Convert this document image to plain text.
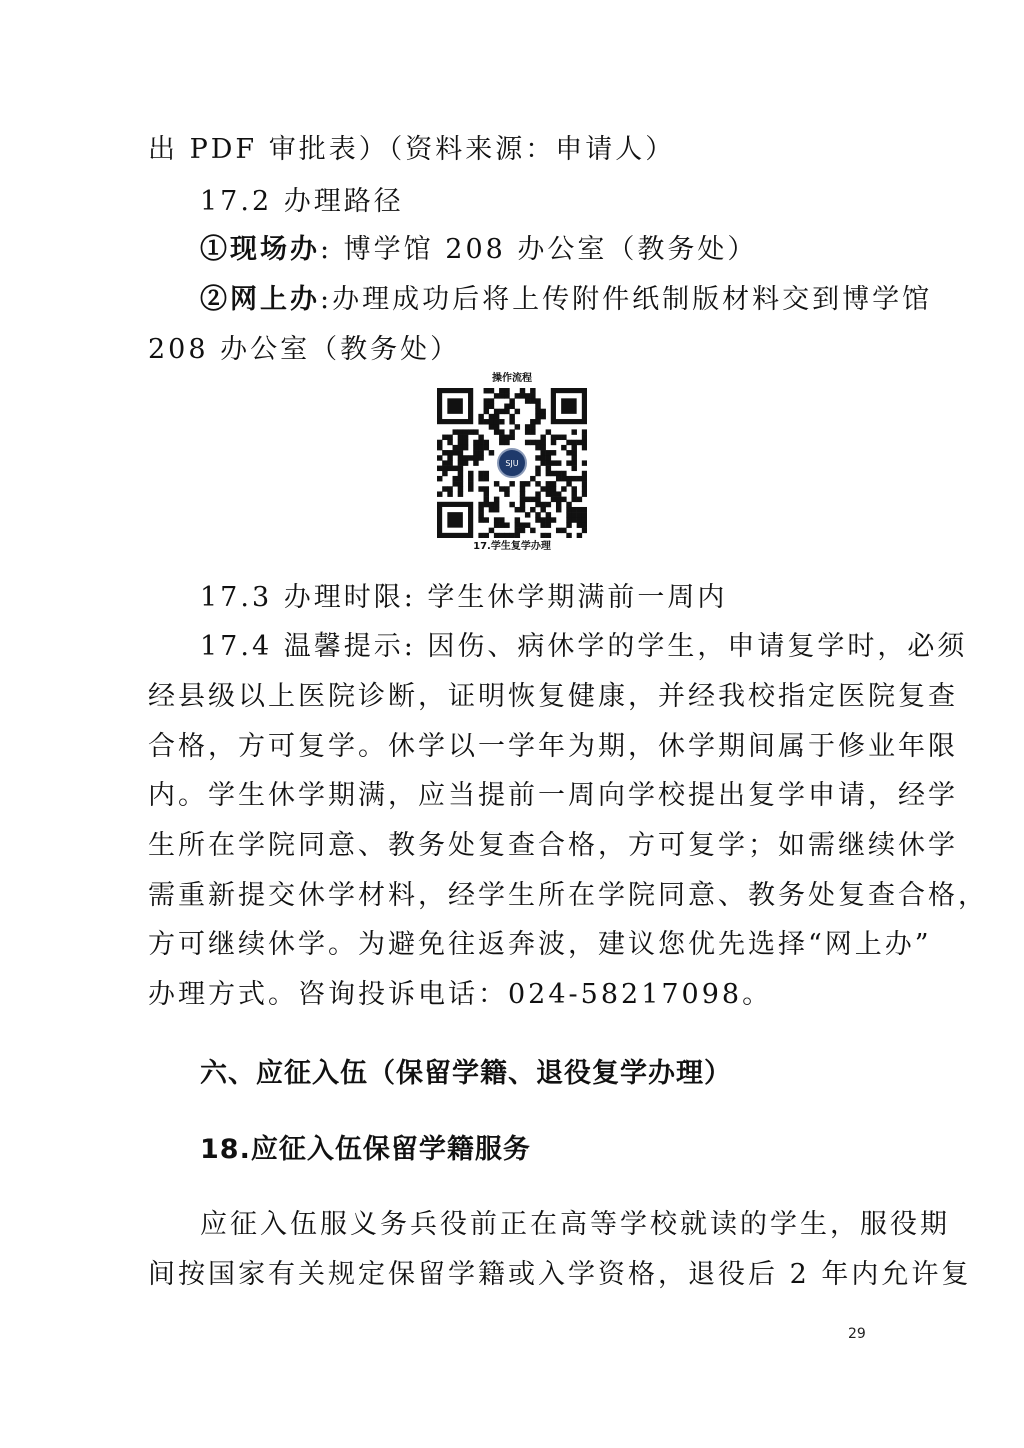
出 PDF 审批表）（资料来源：申请人）
17.2 办理路径
①现场办: 博学馆 208 办公室（教务处）
②网上办:办理成功后将上传附件纸制版材料交到博学馆
208 办公室（教务处）
操作流程
SJU
17.学生复学办理
17.3 办理时限: 学生休学期满前一周内
17.4 温馨提示: 因伤、病休学的学生，申请复学时，必须
经县级以上医院诊断，证明恢复健康，并经我校指定医院复查
合格，方可复学。休学以一学年为期，休学期间属于修业年限
内。学生休学期满，应当提前一周向学校提出复学申请，经学
生所在学院同意、教务处复查合格，方可复学；如需继续休学
需重新提交休学材料，经学生所在学院同意、教务处复查合格，
方可继续休学。为避免往返奔波，建议您优先选择“网上办”
办理方式。咨询投诉电话：024-58217098。
六、应征入伍（保留学籍、退役复学办理）
18.应征入伍保留学籍服务
应征入伍服义务兵役前正在高等学校就读的学生，服役期
间按国家有关规定保留学籍或入学资格，退役后 2 年内允许复
29
